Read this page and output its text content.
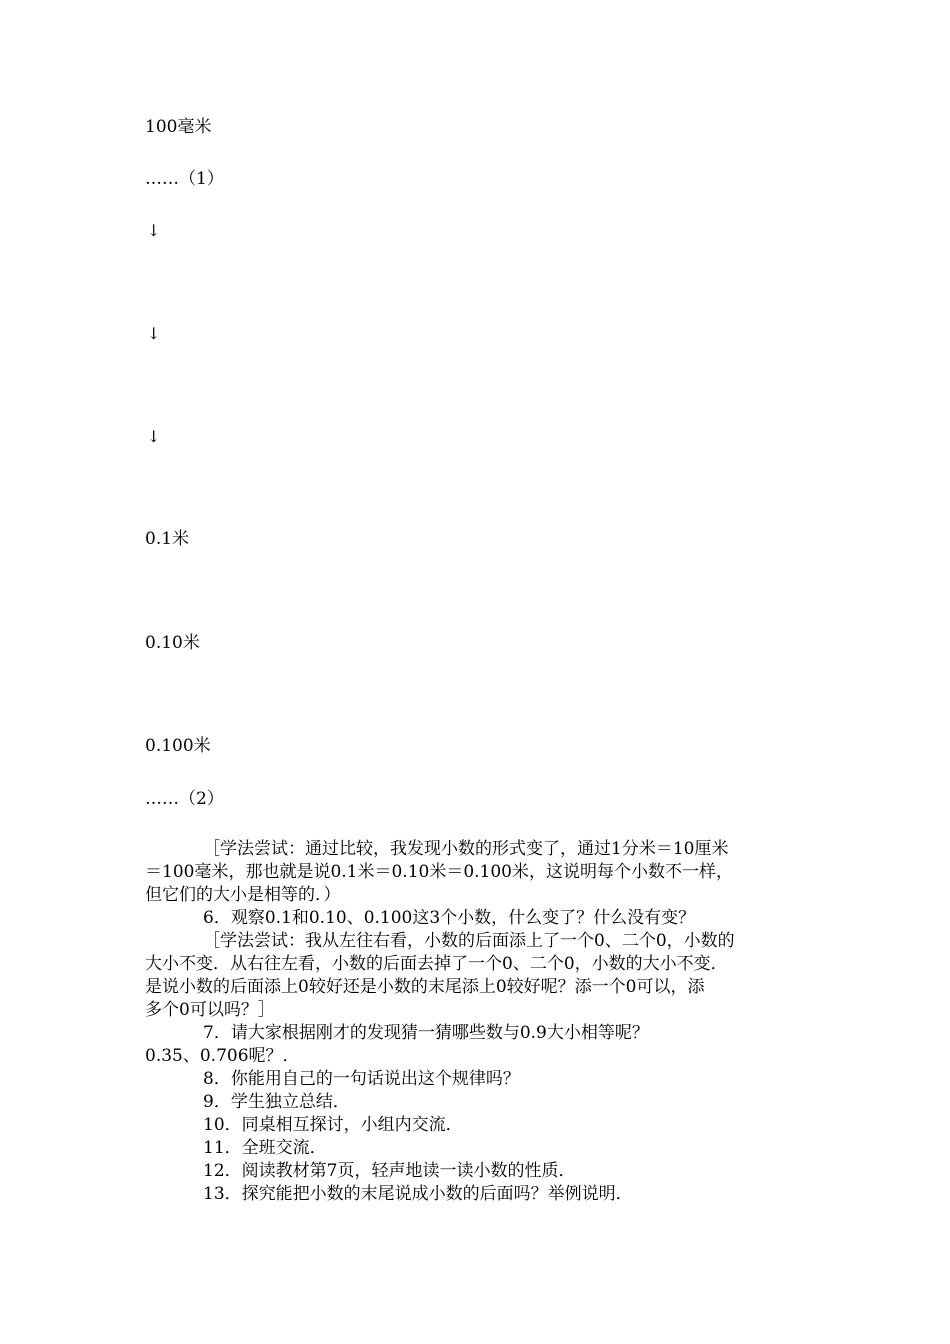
100毫米
……（1）
↓
↓
↓
0.1米
0.10米
0.100米
……（2）

［学法尝试：通过比较，我发现小数的形式变了，通过1分米＝10厘米

＝100毫米，那也就是说0.1米＝0.10米＝0.100米，这说明每个小数不一样，

但它们的大小是相等的．）

6．观察0.1和0.10、0.100这3个小数，什么变了？什么没有变？

［学法尝试：我从左往右看，小数的后面添上了一个0、二个0，小数的

大小不变．从右往左看，小数的后面去掉了一个0、二个0，小数的大小不变．

是说小数的后面添上0较好还是小数的末尾添上0较好呢？添一个0可以，添

多个0可以吗？］

7．请大家根据刚才的发现猜一猜哪些数与0.9大小相等呢？

0.35、0.706呢？．

8．你能用自己的一句话说出这个规律吗？

9．学生独立总结．

10．同桌相互探讨，小组内交流．

11．全班交流．

12．阅读教材第7页，轻声地读一读小数的性质．

13．探究能把小数的末尾说成小数的后面吗？举例说明．
